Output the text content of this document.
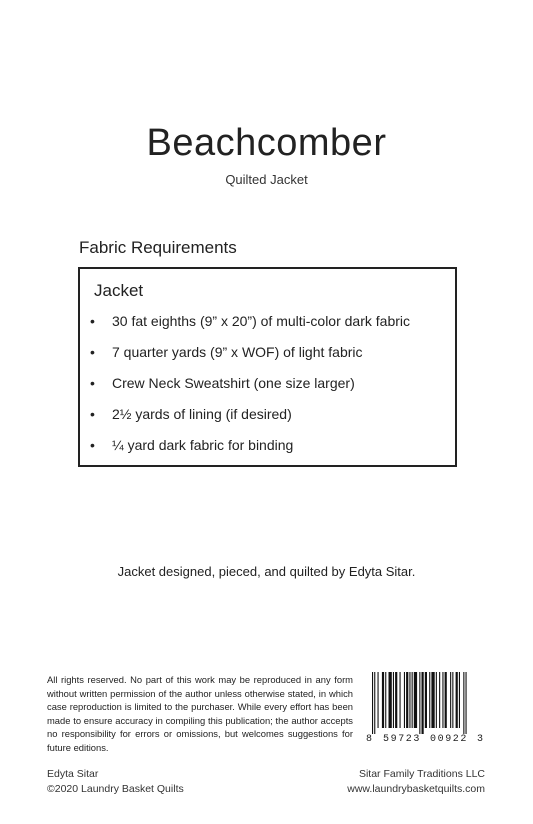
Beachcomber
Quilted Jacket
Fabric Requirements
Jacket
• 30 fat eighths (9” x 20”) of multi-color dark fabric
• 7 quarter yards (9” x WOF) of light fabric
• Crew Neck Sweatshirt (one size larger)
• 2½ yards of lining (if desired)
• ¼ yard dark fabric for binding
Jacket designed, pieced, and quilted by Edyta Sitar.
All rights reserved. No part of this work may be reproduced in any form without written permission of the author unless otherwise stated, in which case reproduction is limited to the purchaser. While every effort has been made to ensure accuracy in compiling this publication; the author accepts no responsibility for errors or omissions, but welcomes suggestions for future editions.
8 59723 00922 3
Edyta Sitar
©2020 Laundry Basket Quilts
Sitar Family Traditions LLC
www.laundrybasketquilts.com
